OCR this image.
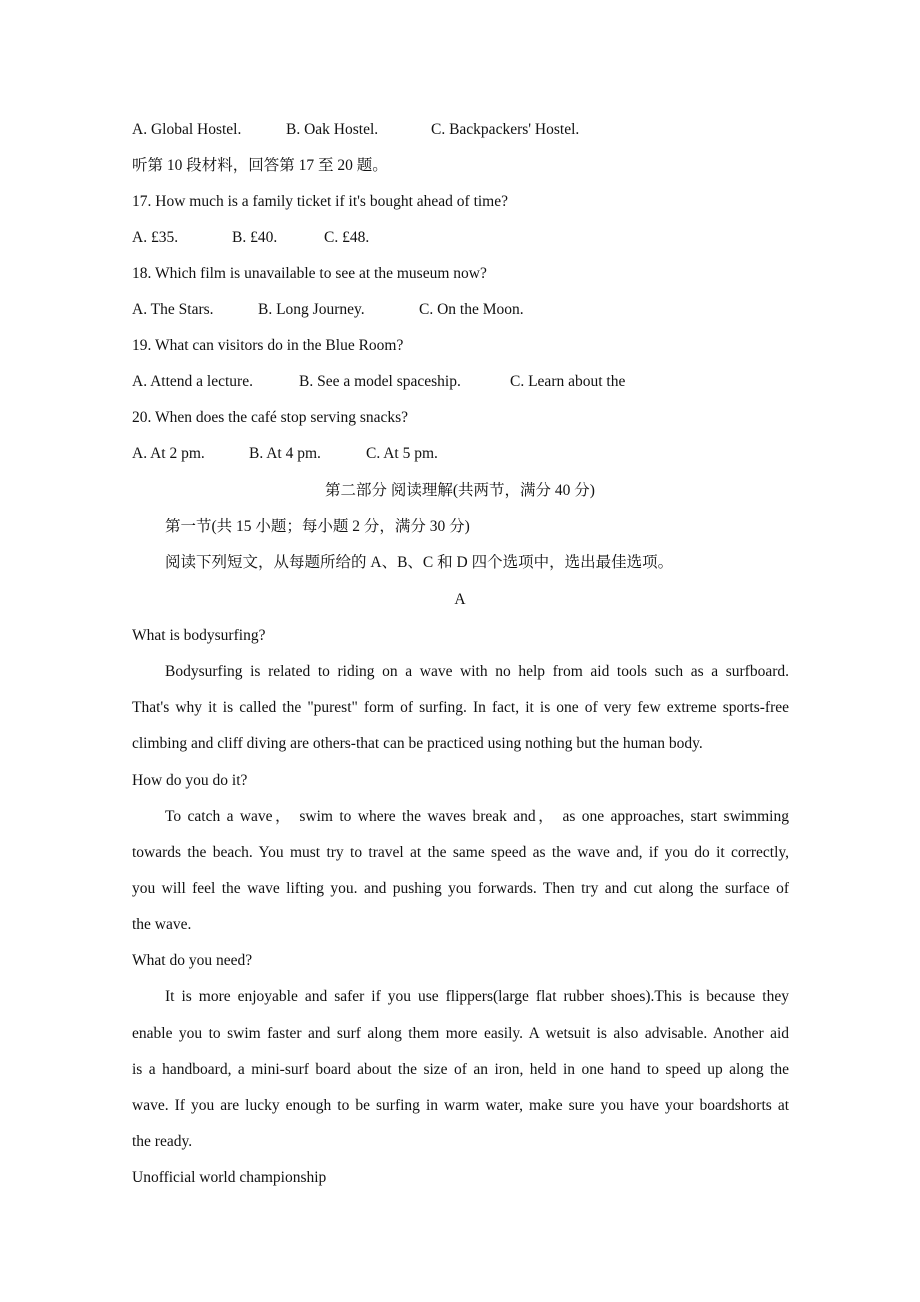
A. Global Hostel.	B. Oak Hostel.	C. Backpackers' Hostel.
听第 10 段材料，回答第 17 至 20 题。
17. How much is a family ticket if it's bought ahead of time?
A. £35.	B. £40.	C. £48.
18. Which film is unavailable to see at the museum now?
A. The Stars.	B. Long Journey.	C. On the Moon.
19. What can visitors do in the Blue Room?
A. Attend a lecture.	B. See a model spaceship.	C. Learn about the
20. When does the café stop serving snacks?
A. At 2 pm.	B. At 4 pm.	C. At 5 pm.
第二部分 阅读理解(共两节，满分 40 分)
第一节(共 15 小题；每小题 2 分，满分 30 分)
阅读下列短文，从每题所给的 A、B、C 和 D 四个选项中，选出最佳选项。
A
What is bodysurfing?
Bodysurfing is related to riding on a wave with no help from aid tools such as a surfboard.
That's why it is called the "purest" form of surfing. In fact, it is one of very few extreme sports-free
climbing and cliff diving are others-that can be practiced using nothing but the human body.
How do you do it?
To catch a wave， swim to where the waves break and， as one approaches, start swimming
towards the beach. You must try to travel at the same speed as the wave and, if you do it correctly,
you will feel the wave lifting you. and pushing you forwards. Then try and cut along the surface of
the wave.
What do you need?
It is more enjoyable and safer if you use flippers(large flat rubber shoes).This is because they
enable you to swim faster and surf along them more easily. A wetsuit is also advisable. Another aid
is a handboard, a mini-surf board about the size of an iron, held in one hand to speed up along the
wave. If you are lucky enough to be surfing in warm water, make sure you have your boardshorts at
the ready.
Unofficial world championship
